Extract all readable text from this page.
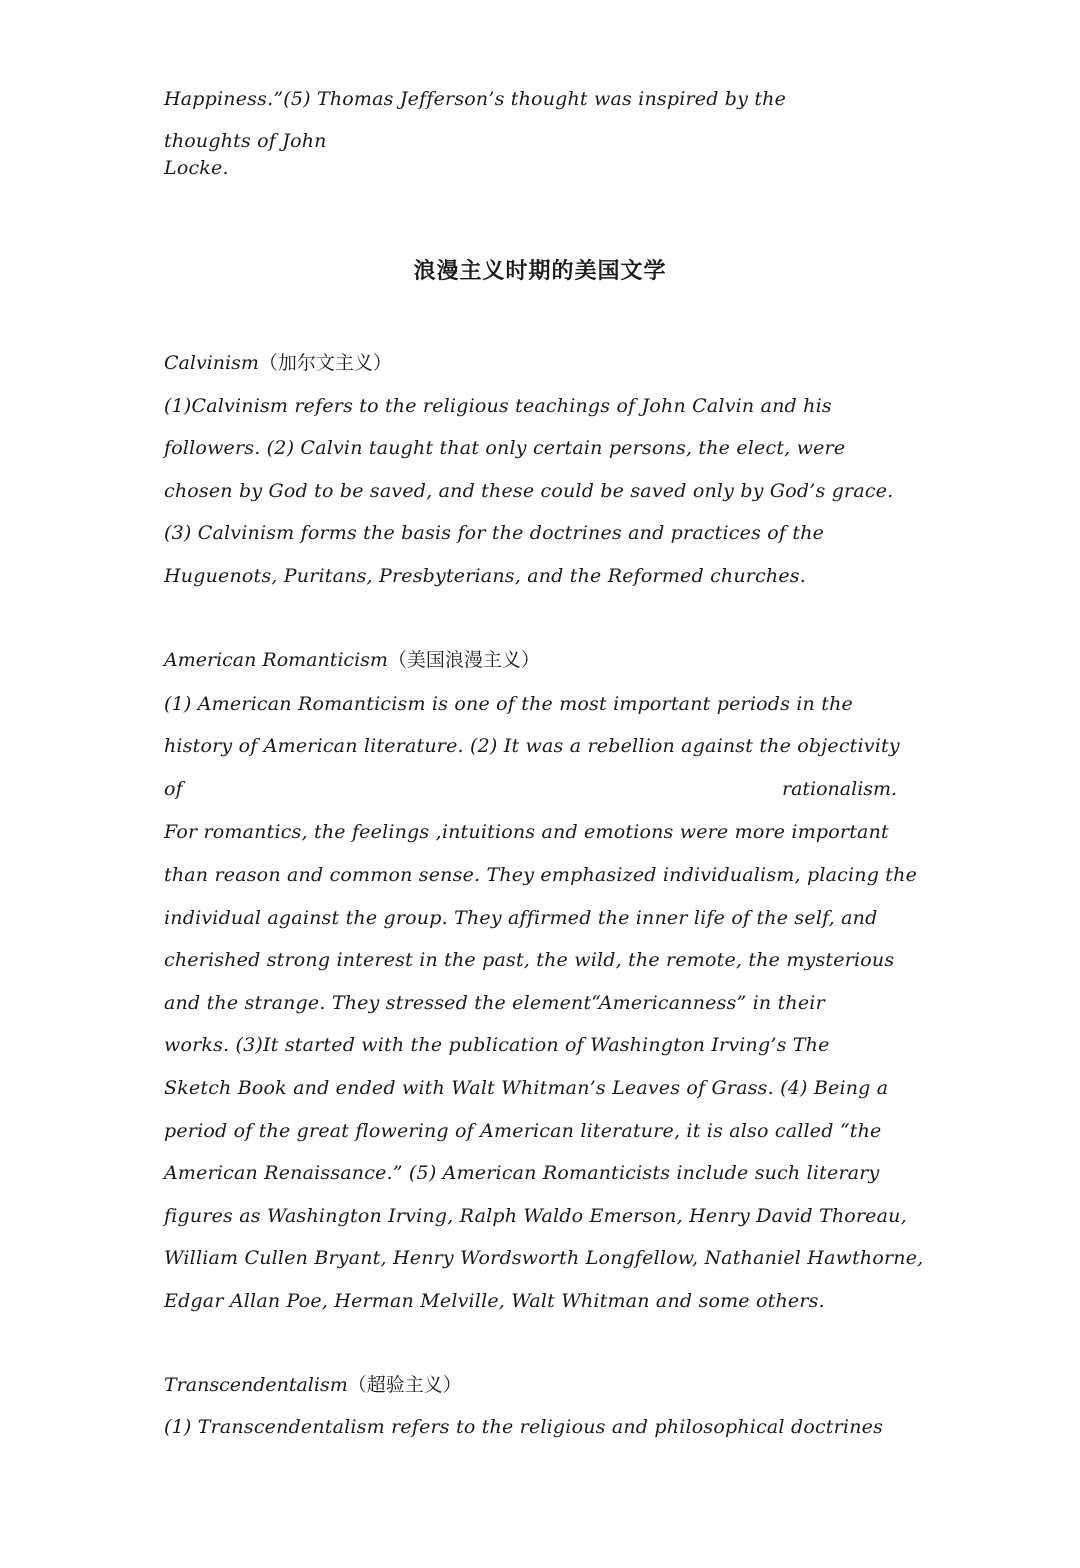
Happiness.”(5) Thomas Jefferson’s thought was inspired by the
thoughts of John
Locke.
浪漫主义时期的美国文学
Calvinism（加尔文主义）
(1)Calvinism refers to the religious teachings of John Calvin and his
followers. (2) Calvin taught that only certain persons, the elect, were
chosen by God to be saved, and these could be saved only by God’s grace.
(3) Calvinism forms the basis for the doctrines and practices of the
Huguenots, Puritans, Presbyterians, and the Reformed churches.
American Romanticism（美国浪漫主义）
(1) American Romanticism is one of the most important periods in the
history of American literature. (2) It was a rebellion against the objectivity
of	rationalism.
For romantics, the feelings ,intuitions and emotions were more important
than reason and common sense. They emphasized individualism, placing the
individual against the group. They affirmed the inner life of the self, and
cherished strong interest in the past, the wild, the remote, the mysterious
and the strange. They stressed the element“Americanness” in their
works. (3)It started with the publication of Washington Irving’s The
Sketch Book and ended with Walt Whitman’s Leaves of Grass. (4) Being a
period of the great flowering of American literature, it is also called “the
American Renaissance.” (5) American Romanticists include such literary
figures as Washington Irving, Ralph Waldo Emerson, Henry David Thoreau,
William Cullen Bryant, Henry Wordsworth Longfellow, Nathaniel Hawthorne,
Edgar Allan Poe, Herman Melville, Walt Whitman and some others.
Transcendentalism（超验主义）
(1) Transcendentalism refers to the religious and philosophical doctrines
